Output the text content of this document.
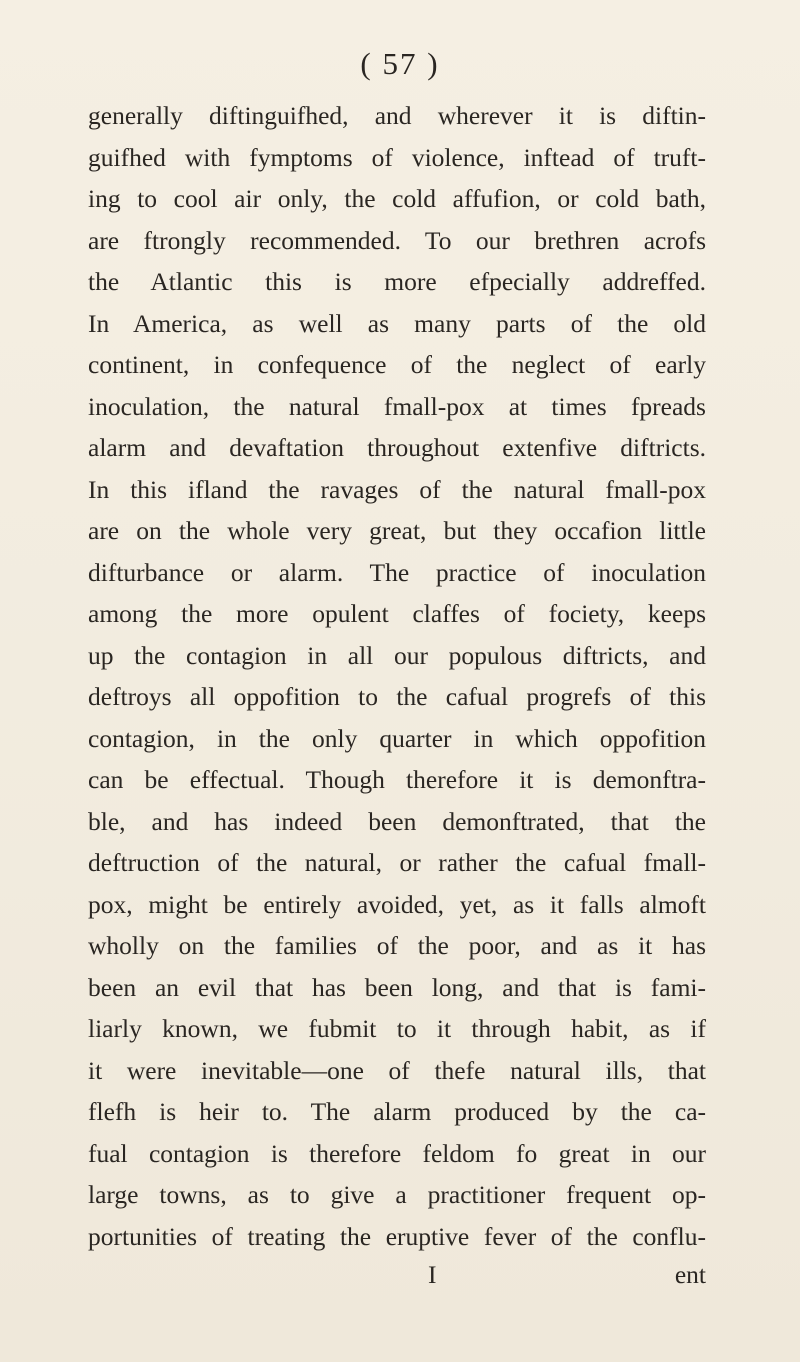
( 57 )
generally diftinguifhed, and wherever it is diftin-
guifhed with fymptoms of violence, inftead of truft-
ing to cool air only, the cold affufion, or cold bath,
are ftrongly recommended. To our brethren acrofs
the Atlantic this is more efpecially addreffed.
In America, as well as many parts of the old
continent, in confequence of the neglect of early
inoculation, the natural fmall-pox at times fpreads
alarm and devaftation throughout extenfive diftricts.
In this ifland the ravages of the natural fmall-pox
are on the whole very great, but they occafion little
difturbance or alarm. The practice of inoculation
among the more opulent claffes of fociety, keeps
up the contagion in all our populous diftricts, and
deftroys all oppofition to the cafual progrefs of this
contagion, in the only quarter in which oppofition
can be effectual. Though therefore it is demonftra-
ble, and has indeed been demonftrated, that the
deftruction of the natural, or rather the cafual fmall-
pox, might be entirely avoided, yet, as it falls almoft
wholly on the families of the poor, and as it has
been an evil that has been long, and that is fami-
liarly known, we fubmit to it through habit, as if
it were inevitable—one of thefe natural ills, that
flefh is heir to. The alarm produced by the ca-
fual contagion is therefore feldom fo great in our
large towns, as to give a practitioner frequent op-
portunities of treating the eruptive fever of the conflu-
I	ent
